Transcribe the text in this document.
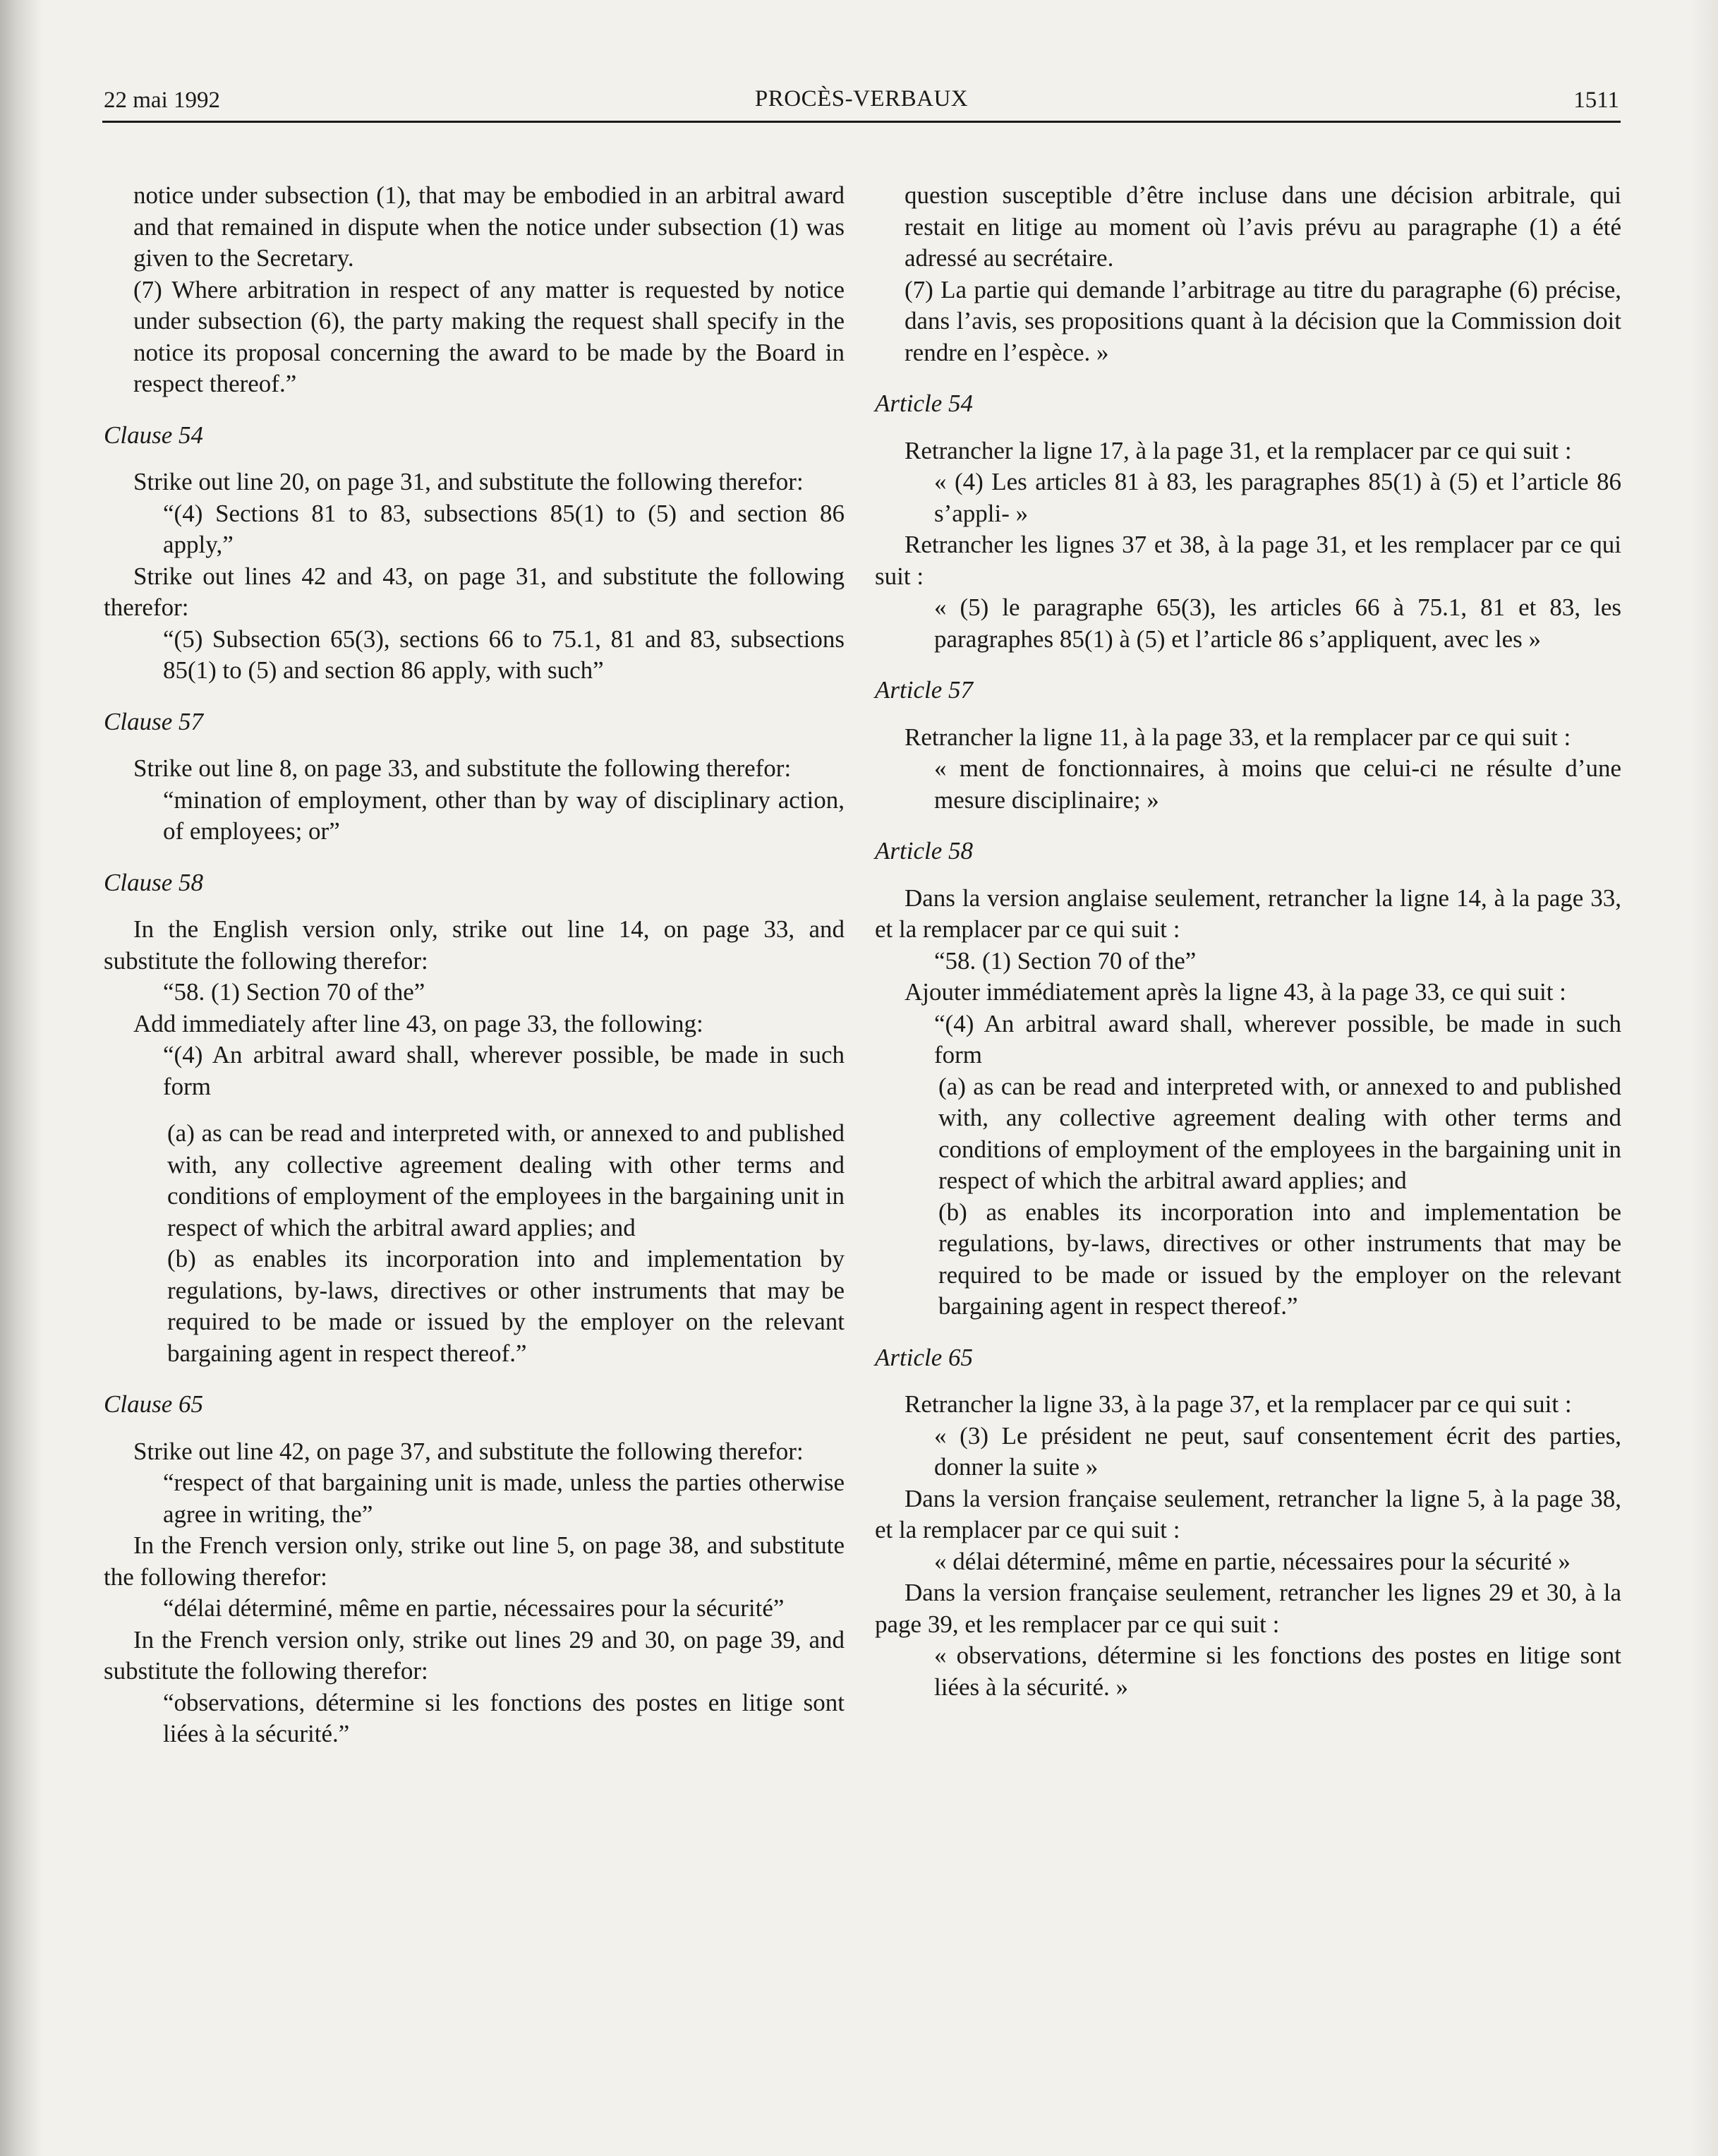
22 mai 1992	PROCÈS-VERBAUX	1511

notice under subsection (1), that may be embodied in an arbitral award and that remained in dispute when the notice under subsection (1) was given to the Secretary.

(7) Where arbitration in respect of any matter is requested by notice under subsection (6), the party making the request shall specify in the notice its proposal concerning the award to be made by the Board in respect thereof.”

Clause 54

Strike out line 20, on page 31, and substitute the following therefor:

“(4) Sections 81 to 83, subsections 85(1) to (5) and section 86 apply,”

Strike out lines 42 and 43, on page 31, and substitute the following therefor:

“(5) Subsection 65(3), sections 66 to 75.1, 81 and 83, subsections 85(1) to (5) and section 86 apply, with such”

Clause 57

Strike out line 8, on page 33, and substitute the following therefor:

“mination of employment, other than by way of disciplinary action, of employees; or”

Clause 58

In the English version only, strike out line 14, on page 33, and substitute the following therefor:

“58. (1) Section 70 of the”

Add immediately after line 43, on page 33, the following:

“(4) An arbitral award shall, wherever possible, be made in such form

(a) as can be read and interpreted with, or annexed to and published with, any collective agreement dealing with other terms and conditions of employment of the employees in the bargaining unit in respect of which the arbitral award applies; and

(b) as enables its incorporation into and implementation by regulations, by-laws, directives or other instruments that may be required to be made or issued by the employer on the relevant bargaining agent in respect thereof.”

Clause 65

Strike out line 42, on page 37, and substitute the following therefor:

“respect of that bargaining unit is made, unless the parties otherwise agree in writing, the”

In the French version only, strike out line 5, on page 38, and substitute the following therefor:

“délai déterminé, même en partie, nécessaires pour la sécurité”

In the French version only, strike out lines 29 and 30, on page 39, and substitute the following therefor:

“observations, détermine si les fonctions des postes en litige sont liées à la sécurité.”

question susceptible d’être incluse dans une décision arbitrale, qui restait en litige au moment où l’avis prévu au paragraphe (1) a été adressé au secrétaire.

(7) La partie qui demande l’arbitrage au titre du paragraphe (6) précise, dans l’avis, ses propositions quant à la décision que la Commission doit rendre en l’espèce. »

Article 54

Retrancher la ligne 17, à la page 31, et la remplacer par ce qui suit :

« (4) Les articles 81 à 83, les paragraphes 85(1) à (5) et l’article 86 s’appli- »

Retrancher les lignes 37 et 38, à la page 31, et les remplacer par ce qui suit :

« (5) le paragraphe 65(3), les articles 66 à 75.1, 81 et 83, les paragraphes 85(1) à (5) et l’article 86 s’appliquent, avec les »

Article 57

Retrancher la ligne 11, à la page 33, et la remplacer par ce qui suit :

« ment de fonctionnaires, à moins que celui-ci ne résulte d’une mesure disciplinaire; »

Article 58

Dans la version anglaise seulement, retrancher la ligne 14, à la page 33, et la remplacer par ce qui suit :

“58. (1) Section 70 of the”

Ajouter immédiatement après la ligne 43, à la page 33, ce qui suit :

“(4) An arbitral award shall, wherever possible, be made in such form

(a) as can be read and interpreted with, or annexed to and published with, any collective agreement dealing with other terms and conditions of employment of the employees in the bargaining unit in respect of which the arbitral award applies; and

(b) as enables its incorporation into and implementation be regulations, by-laws, directives or other instruments that may be required to be made or issued by the employer on the relevant bargaining agent in respect thereof.”

Article 65

Retrancher la ligne 33, à la page 37, et la remplacer par ce qui suit :

« (3) Le président ne peut, sauf consentement écrit des parties, donner la suite »

Dans la version française seulement, retrancher la ligne 5, à la page 38, et la remplacer par ce qui suit :

« délai déterminé, même en partie, nécessaires pour la sécurité »

Dans la version française seulement, retrancher les lignes 29 et 30, à la page 39, et les remplacer par ce qui suit :

« observations, détermine si les fonctions des postes en litige sont liées à la sécurité. »
